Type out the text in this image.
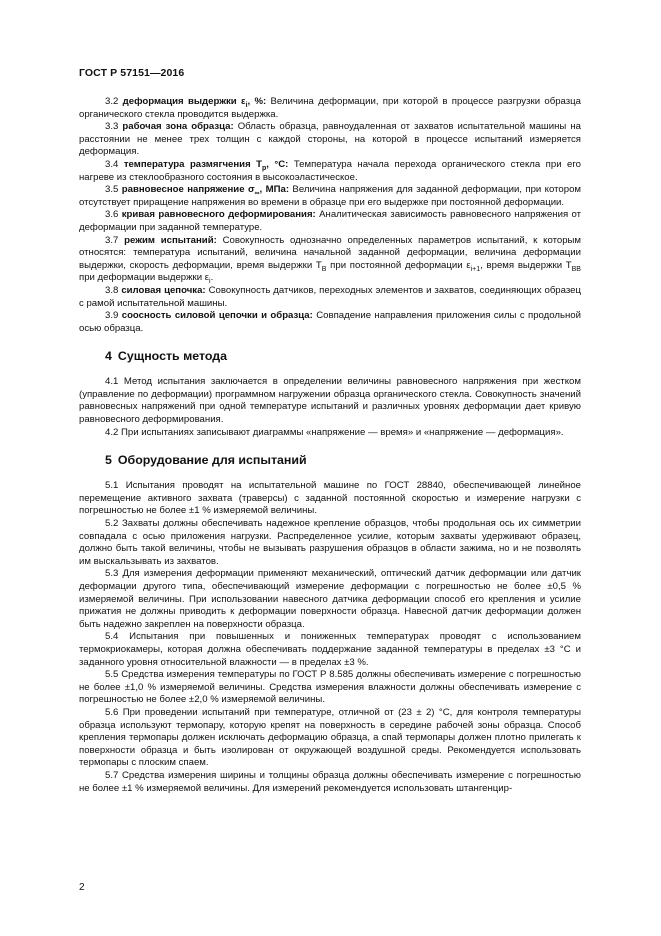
ГОСТ Р 57151—2016

3.2 деформация выдержки $\varepsilon_i$, %: Величина деформации, при которой в процессе разгрузки образца органического стекла проводится выдержка.

3.3 рабочая зона образца: Область образца, равноудаленная от захватов испытательной машины на расстоянии не менее трех толщин с каждой стороны, на которой в процессе испытаний измеряется деформация.

3.4 температура размягчения $T_р$, °С: Температура начала перехода органического стекла при его нагреве из стеклообразного состояния в высокоэластическое.

3.5 равновесное напряжение $\sigma_\infty$, МПа: Величина напряжения для заданной деформации, при котором отсутствует приращение напряжения во времени в образце при его выдержке при постоянной деформации.

3.6 кривая равновесного деформирования: Аналитическая зависимость равновесного напряжения от деформации при заданной температуре.

3.7 режим испытаний: Совокупность однозначно определенных параметров испытаний, к которым относятся: температура испытаний, величина начальной заданной деформации, величина деформации выдержки, скорость деформации, время выдержки $T_В$ при постоянной деформации $\varepsilon_{i+1}$, время выдержки $T_{ВВ}$ при деформации выдержки $\varepsilon_i$.

3.8 силовая цепочка: Совокупность датчиков, переходных элементов и захватов, соединяющих образец с рамой испытательной машины.

3.9 соосность силовой цепочки и образца: Совпадение направления приложения силы с продольной осью образца.

4 Сущность метода

4.1 Метод испытания заключается в определении величины равновесного напряжения при жестком (управление по деформации) программном нагружении образца органического стекла. Совокупность значений равновесных напряжений при одной температуре испытаний и различных уровнях деформации дает кривую равновесного деформирования.

4.2 При испытаниях записывают диаграммы «напряжение — время» и «напряжение — деформация».

5 Оборудование для испытаний

5.1 Испытания проводят на испытательной машине по ГОСТ 28840, обеспечивающей линейное перемещение активного захвата (траверсы) с заданной постоянной скоростью и измерение нагрузки с погрешностью не более ±1 % измеряемой величины.

5.2 Захваты должны обеспечивать надежное крепление образцов, чтобы продольная ось их симметрии совпадала с осью приложения нагрузки. Распределенное усилие, которым захваты удерживают образец, должно быть такой величины, чтобы не вызывать разрушения образцов в области зажима, но и не позволять им выскальзывать из захватов.

5.3 Для измерения деформации применяют механический, оптический датчик деформации или датчик деформации другого типа, обеспечивающий измерение деформации с погрешностью не более ±0,5 % измеряемой величины. При использовании навесного датчика деформации способ его крепления и усилие прижатия не должны приводить к деформации поверхности образца. Навесной датчик деформации должен быть надежно закреплен на поверхности образца.

5.4 Испытания при повышенных и пониженных температурах проводят с использованием термокриокамеры, которая должна обеспечивать поддержание заданной температуры в пределах ±3 °С и заданного уровня относительной влажности — в пределах ±3 %.

5.5 Средства измерения температуры по ГОСТ Р 8.585 должны обеспечивать измерение с погрешностью не более ±1,0 % измеряемой величины. Средства измерения влажности должны обеспечивать измерение с погрешностью не более ±2,0 % измеряемой величины.

5.6 При проведении испытаний при температуре, отличной от (23 ± 2) °С, для контроля температуры образца используют термопару, которую крепят на поверхность в середине рабочей зоны образца. Способ крепления термопары должен исключать деформацию образца, а спай термопары должен плотно прилегать к поверхности образца и быть изолирован от окружающей воздушной среды. Рекомендуется использовать термопары с плоским спаем.

5.7 Средства измерения ширины и толщины образца должны обеспечивать измерение с погрешностью не более ±1 % измеряемой величины. Для измерений рекомендуется использовать штангенцир-

2
